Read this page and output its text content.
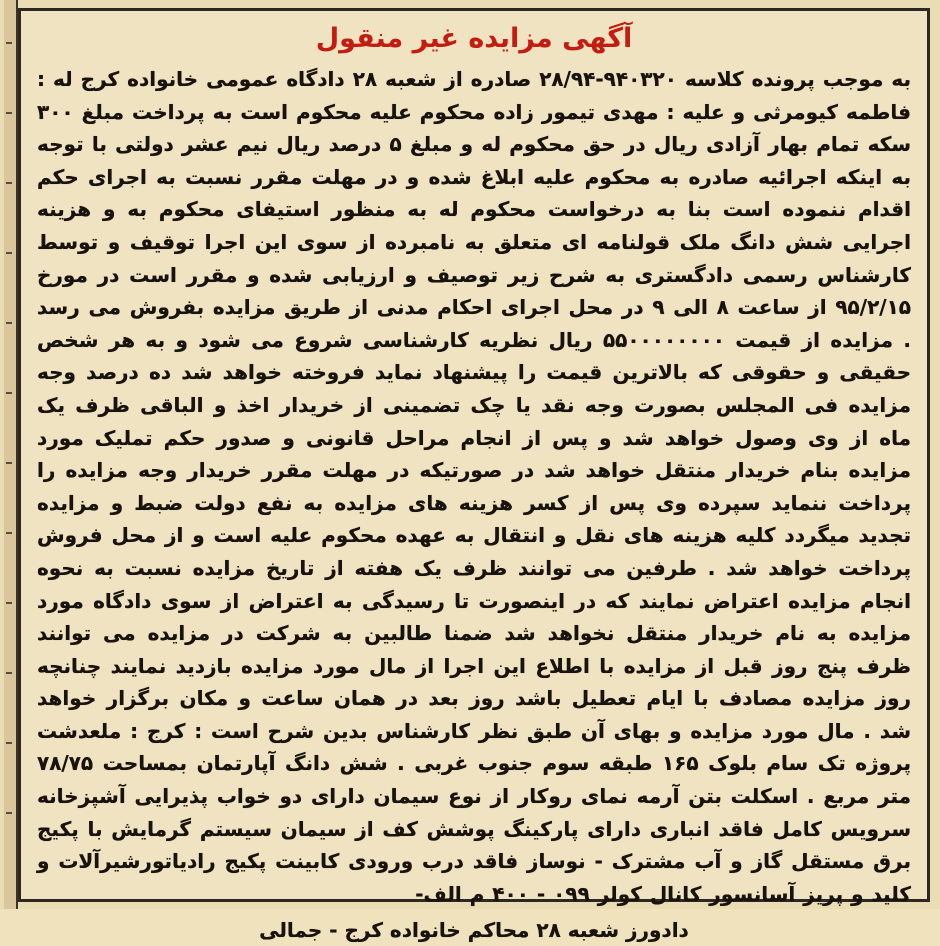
آگهی مزایده غیر منقول
به موجب پرونده کلاسه ۹۴۰۳۲۰-۲۸/۹۴ صادره از شعبه ۲۸ دادگاه عمومی خانواده کرج له : فاطمه کیومرثی و علیه : مهدی تیمور زاده محکوم علیه محکوم است به پرداخت مبلغ ۳۰۰ سکه تمام بهار آزادی ریال در حق محکوم له و مبلغ ۵ درصد ریال نیم عشر دولتی با توجه به اینکه اجرائیه صادره به محکوم علیه ابلاغ شده و در مهلت مقرر نسبت به اجرای حکم اقدام ننموده است بنا به درخواست محکوم له به منظور استیفای محکوم به و هزینه اجرایی شش دانگ ملک قولنامه ای متعلق به نامبرده از سوی این اجرا توقیف و توسط کارشناس رسمی دادگستری به شرح زیر توصیف و ارزیابی شده و مقرر است در مورخ ۹۵/۲/۱۵ از ساعت ۸ الی ۹ در محل اجرای احکام مدنی از طریق مزایده بفروش می رسد . مزایده از قیمت ۵۵۰۰۰۰۰۰۰۰ ریال نظریه کارشناسی شروع می شود و به هر شخص حقیقی و حقوقی که بالاترین قیمت را پیشنهاد نماید فروخته خواهد شد ده درصد وجه مزایده فی المجلس بصورت وجه نقد یا چک تضمینی از خریدار اخذ و الباقی ظرف یک ماه از وی وصول خواهد شد و پس از انجام مراحل قانونی و صدور حکم تملیک مورد مزایده بنام خریدار منتقل خواهد شد در صورتیکه در مهلت مقرر خریدار وجه مزایده را پرداخت ننماید سپرده وی پس از کسر هزینه های مزایده به نفع دولت ضبط و مزایده تجدید میگردد کلیه هزینه های نقل و انتقال به عهده محکوم علیه است و از محل فروش پرداخت خواهد شد . طرفین می توانند ظرف یک هفته از تاریخ مزایده نسبت به نحوه انجام مزایده اعتراض نمایند که در اینصورت تا رسیدگی به اعتراض از سوی دادگاه مورد مزایده به نام خریدار منتقل نخواهد شد ضمنا طالبین به شرکت در مزایده می توانند ظرف پنج روز قبل از مزایده با اطلاع این اجرا از مال مورد مزایده بازدید نمایند چنانچه روز مزایده مصادف با ایام تعطیل باشد روز بعد در همان ساعت و مکان برگزار خواهد شد . مال مورد مزایده و بهای آن طبق نظر کارشناس بدین شرح است : کرج : ملعدشت پروژه تک سام بلوک ۱۶۵ طبقه سوم جنوب غربی . شش دانگ آپارتمان بمساحت ۷۸/۷۵ متر مربع . اسکلت بتن آرمه نمای روکار از نوع سیمان دارای دو خواب پذیرایی آشپزخانه سرویس کامل فاقد انباری دارای پارکینگ پوشش کف از سیمان سیستم گرمایش با پکیج برق مستقل گاز و آب مشترک - نوساز فاقد درب ورودی کابینت پکیج رادیاتورشیرآلات و کلید و پریز آسانسور کانال کولر ۰۹۹ - ۴۰۰ م الف-
دادورز شعبه ۲۸ محاکم خانواده کرج - جمالی
